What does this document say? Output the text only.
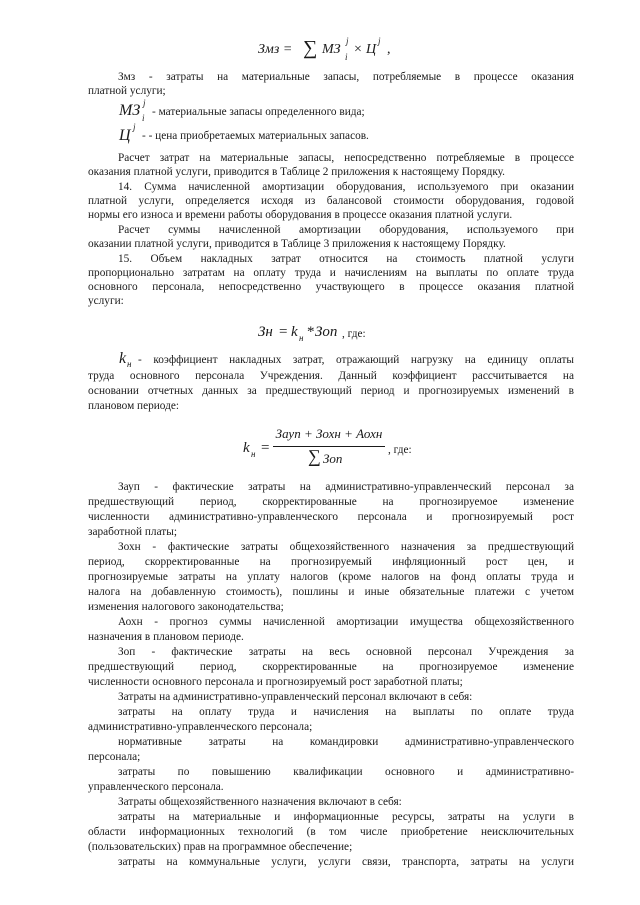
Змз = ∑ МЗ
j
i × Ц
j
,
Змз - затраты на материальные запасы, потребляемые в процессе оказания
платной услуги;
МЗ j
i - материальные запасы определенного вида;
Ц j
- - цена приобретаемых материальных запасов.
Расчет затрат на материальные запасы, непосредственно потребляемые в процессе
оказания платной услуги, приводится в Таблице 2 приложения к настоящему Порядку.
14. Сумма начисленной амортизации оборудования, используемого при оказании
платной услуги, определяется исходя из балансовой стоимости оборудования, годовой
нормы его износа и времени работы оборудования в процессе оказания платной услуги.
Расчет суммы начисленной амортизации оборудования, используемого при
оказании платной услуги, приводится в Таблице 3 приложения к настоящему Порядку.
15. Объем накладных затрат относится на стоимость платной услуги
пропорционально затратам на оплату труда и начислениям на выплаты по оплате труда
основного персонала, непосредственно участвующего в процессе оказания платной
услуги:
Зн = k н * Зоп , где:
k н - коэффициент накладных затрат, отражающий нагрузку на единицу оплаты
труда основного персонала Учреждения. Данный коэффициент рассчитывается на
основании отчетных данных за предшествующий период и прогнозируемых изменений в
плановом периоде:
k н =
Зауп + Зохн + Аохн
∑ Зоп
, где:
Зауп - фактические затраты на административно-управленческий персонал за
предшествующий период, скорректированные на прогнозируемое изменение
численности административно-управленческого персонала и прогнозируемый рост
заработной платы;
Зохн - фактические затраты общехозяйственного назначения за предшествующий
период, скорректированные на прогнозируемый инфляционный рост цен, и
прогнозируемые затраты на уплату налогов (кроме налогов на фонд оплаты труда и
налога на добавленную стоимость), пошлины и иные обязательные платежи с учетом
изменения налогового законодательства;
Аохн - прогноз суммы начисленной амортизации имущества общехозяйственного
назначения в плановом периоде.
Зоп - фактические затраты на весь основной персонал Учреждения за
предшествующий период, скорректированные на прогнозируемое изменение
численности основного персонала и прогнозируемый рост заработной платы;
Затраты на административно-управленческий персонал включают в себя:
затраты на оплату труда и начисления на выплаты по оплате труда
административно-управленческого персонала;
нормативные затраты на командировки административно-управленческого
персонала;
затраты по повышению квалификации основного и административно-
управленческого персонала.
Затраты общехозяйственного назначения включают в себя:
затраты на материальные и информационные ресурсы, затраты на услуги в
области информационных технологий (в том числе приобретение неисключительных
(пользовательских) прав на программное обеспечение;
затраты на коммунальные услуги, услуги связи, транспорта, затраты на услуги
